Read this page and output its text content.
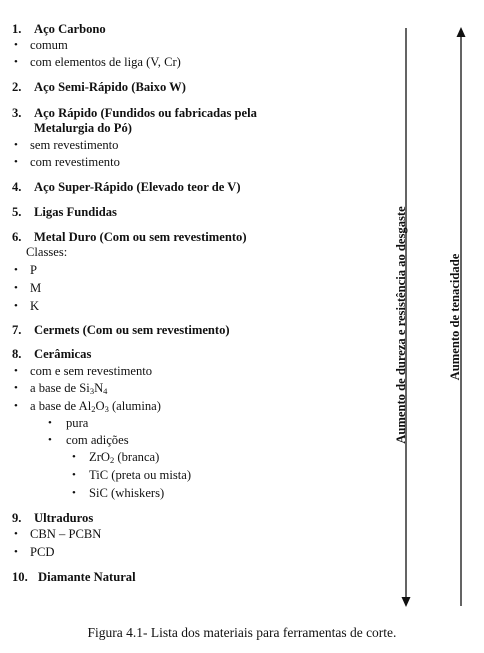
1. Aço Carbono
• comum
• com elementos de liga (V, Cr)
2. Aço Semi-Rápido (Baixo W)
3. Aço Rápido (Fundidos ou fabricadas pela
Metalurgia do Pó)
• sem revestimento
• com revestimento
4. Aço Super-Rápido (Elevado teor de V)
5. Ligas Fundidas
6. Metal Duro (Com ou sem revestimento)
Classes:
• P
• M
• K
7. Cermets (Com ou sem revestimento)
8. Cerâmicas
• com e sem revestimento
• a base de $Si_3N_4$
• a base de $Al_2O_3$ (alumina)
• pura
• com adições
• ZrO$_2$ (branca)
• TiC (preta ou mista)
• SiC (whiskers)
9. Ultraduros
• CBN – PCBN
• PCD
10. Diamante Natural
Aumento de dureza e resistência ao desgaste	Aumento de tenacidade
Figura 4.1- Lista dos materiais para ferramentas de corte.
